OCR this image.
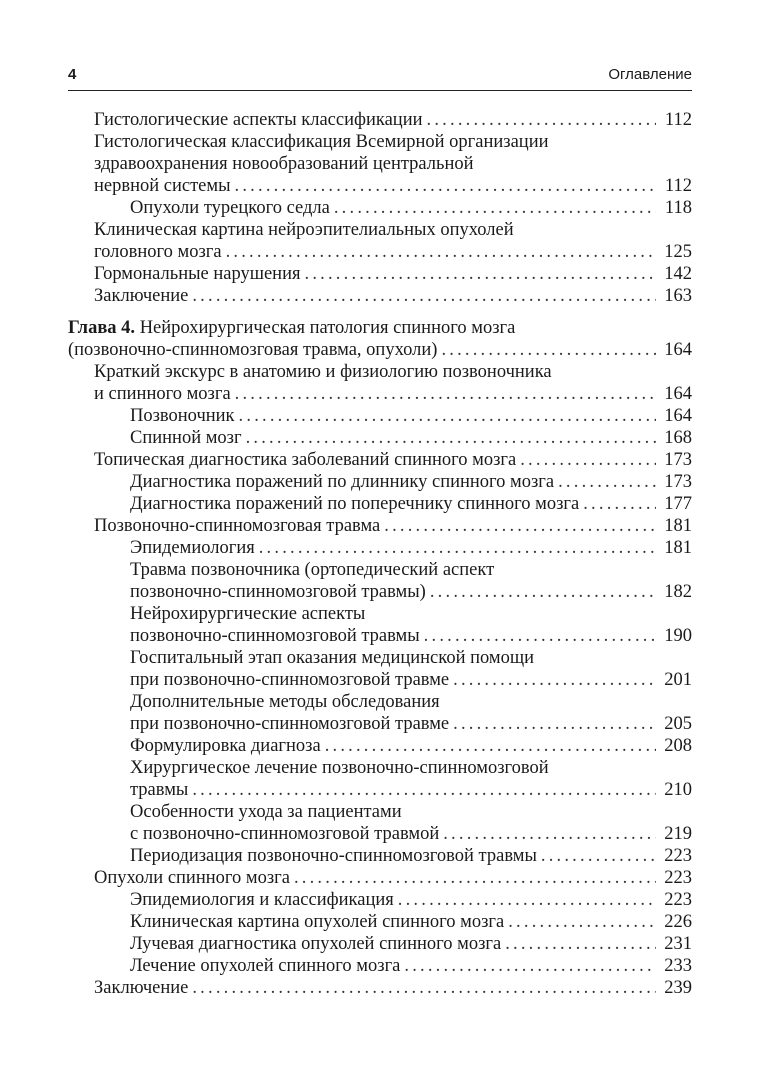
4	Оглавление
Гистологические аспекты классификации .....	112
Гистологическая классификация Всемирной организации
здравоохранения новообразований центральной
нервной системы .....	112
Опухоли турецкого седла .....	118
Клиническая картина нейроэпителиальных опухолей
головного мозга .....	125
Гормональные нарушения .....	142
Заключение .....	163
Глава 4. Нейрохирургическая патология спинного мозга
(позвоночно-спинномозговая травма, опухоли) .....	164
Краткий экскурс в анатомию и физиологию позвоночника
и спинного мозга .....	164
Позвоночник .....	164
Спинной мозг .....	168
Топическая диагностика заболеваний спинного мозга .....	173
Диагностика поражений по длиннику спинного мозга .....	173
Диагностика поражений по поперечнику спинного мозга .....	177
Позвоночно-спинномозговая травма .....	181
Эпидемиология .....	181
Травма позвоночника (ортопедический аспект
позвоночно-спинномозговой травмы) .....	182
Нейрохирургические аспекты
позвоночно-спинномозговой травмы .....	190
Госпитальный этап оказания медицинской помощи
при позвоночно-спинномозговой травме .....	201
Дополнительные методы обследования
при позвоночно-спинномозговой травме .....	205
Формулировка диагноза .....	208
Хирургическое лечение позвоночно-спинномозговой
травмы .....	210
Особенности ухода за пациентами
с позвоночно-спинномозговой травмой .....	219
Периодизация позвоночно-спинномозговой травмы .....	223
Опухоли спинного мозга .....	223
Эпидемиология и классификация .....	223
Клиническая картина опухолей спинного мозга .....	226
Лучевая диагностика опухолей спинного мозга .....	231
Лечение опухолей спинного мозга .....	233
Заключение .....	239
